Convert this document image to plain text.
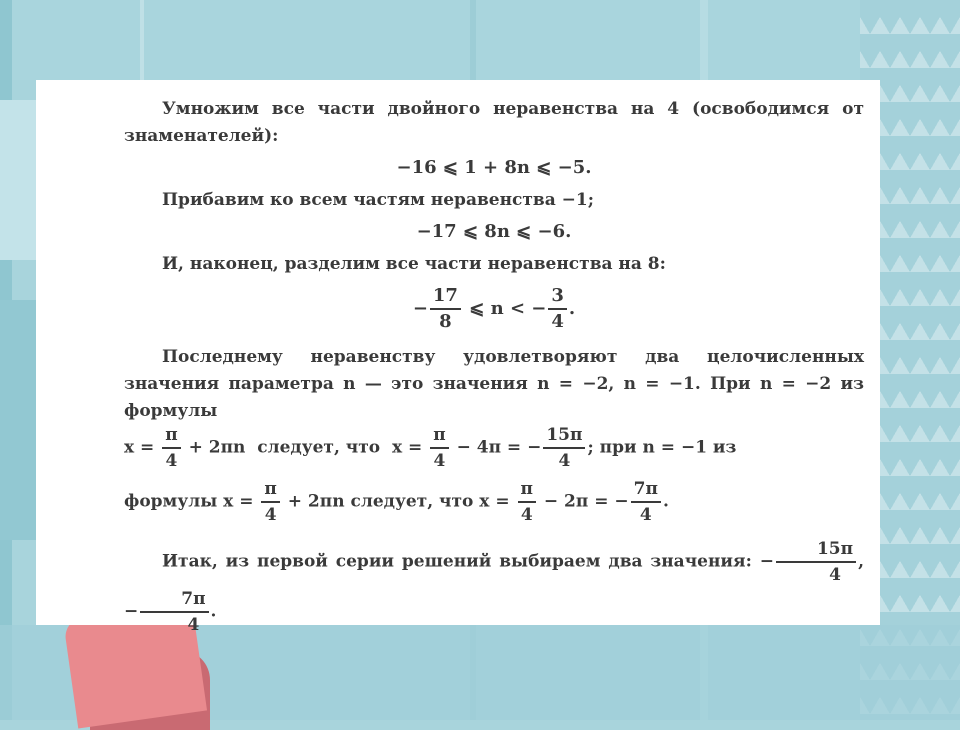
Умножим все части двойного неравенства на 4 (освободимся от знаменателей):

−16 ⩽ 1 + 8n ⩽ −5.

Прибавим ко всем частям неравенства −1;

−17 ⩽ 8n ⩽ −6.

И, наконец, разделим все части неравенства на 8:

− $\frac{17}{8}$ ⩽ n < − $\frac{3}{4}$ .

Последнему неравенству удовлетворяют два целочисленных значения параметра n — это значения n = −2, n = −1. При n = −2 из формулы

$x = \frac{\pi}{4} + 2\pi n$ следует, что $x = \frac{\pi}{4} - 4\pi$ = − $\frac{15\pi}{4}$ ; при n = −1 из
формулы $x = \frac{\pi}{4} + 2\pi n$ следует, что $x = \frac{\pi}{4} - 2\pi$ = − $\frac{7\pi}{4}$ .
Итак, из первой серии решений выбираем два значения: − $\frac{15\pi}{4}$ , − $\frac{7\pi}{4}$ .
